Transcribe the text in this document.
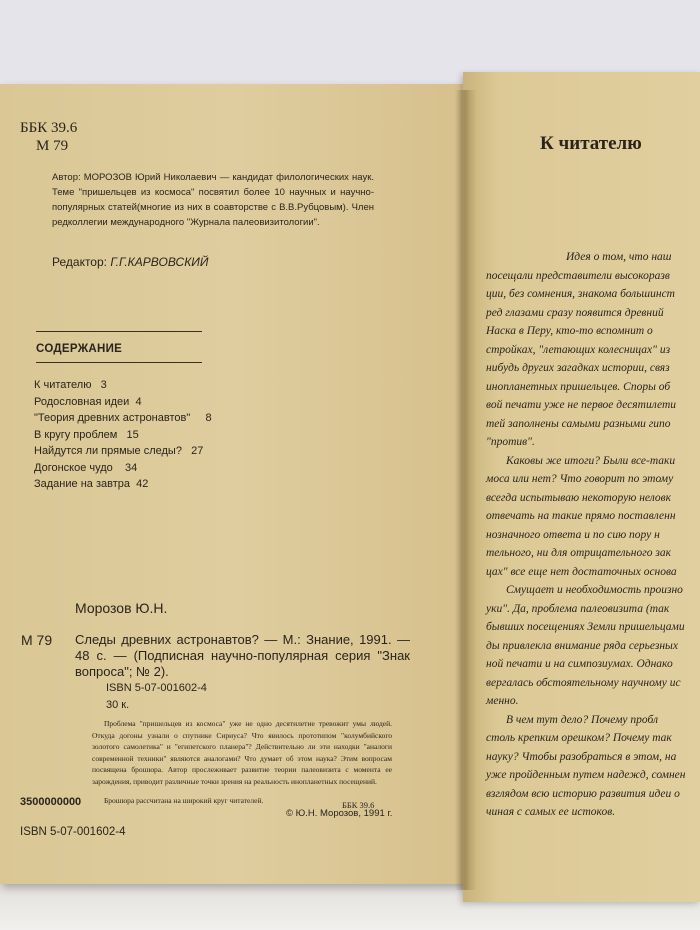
ББК 39.6
М 79
Автор: МОРОЗОВ Юрий Николаевич — кандидат филологических наук. Теме "пришельцев из космоса" посвятил более 10 научных и научно-популярных статей(многие из них в соавторстве с В.В.Рубцовым). Член редколлегии международного "Журнала палеовизитологии".
Редактор: Г.Г.КАРВОВСКИЙ
СОДЕРЖАНИЕ
К читателю 3
Родословная идеи 4
"Теория древних астронавтов" 8
В кругу проблем 15
Найдутся ли прямые следы? 27
Догонское чудо 34
Задание на завтра 42
Морозов Ю.Н.
М 79 Следы древних астронавтов? — М.: Знание, 1991. — 48 с. — (Подписная научно-популярная серия "Знак вопроса"; № 2).
ISBN 5-07-001602-4
30 к.
Проблема "пришельцев из космоса" уже не одно десятилетие тревожит умы людей. Откуда догоны узнали о спутнике Сириуса? Что явилось прототипом "колумбийского золотого самолетика" и "египетского планера"? Действительно ли эти находки "аналоги современной техники" являются аналогами? Что думает об этом наука? Этим вопросам посвящена брошюра. Автор прослеживает развитие теории палеовизита с момента ее зарождения, приводит различные точки зрения на реальность инопланетных посещений.
Брошюра рассчитана на широкий круг читателей.	ББК 39.6
3500000000
© Ю.Н. Морозов, 1991 г.
ISBN 5-07-001602-4
К читателю
Идея о том, что наш
посещали представители высокоразв
ции, без сомнения, знакома большинст
ред глазами сразу появится древний
Наска в Перу, кто-то вспомнит о
стройках, "летающих колесницах" из
нибудь других загадках истории, связ
инопланетных пришельцев. Споры об
вой печати уже не первое десятилети
тей заполнены самыми разными гипо
"против".
Каковы же итоги? Были все-таки
моса или нет? Что говорит по этому
всегда испытываю некоторую неловк
отвечать на такие прямо поставленн
нозначного ответа и по сию пору н
тельного, ни для отрицательного зак
цах" все еще нет достаточных основа
Смущает и необходимость произно
уки". Да, проблема палеовизита (так
бывших посещениях Земли пришельцами
ды привлекла внимание ряда серьезных
ной печати и на симпозиумах. Однако
вергалась обстоятельному научному ис
менно.
В чем тут дело? Почему пробл
столь крепким орешком? Почему так
науку? Чтобы разобраться в этом, на
уже пройденным путем надежд, сомнен
взглядом всю историю развития идеи о
чиная с самых ее истоков.
